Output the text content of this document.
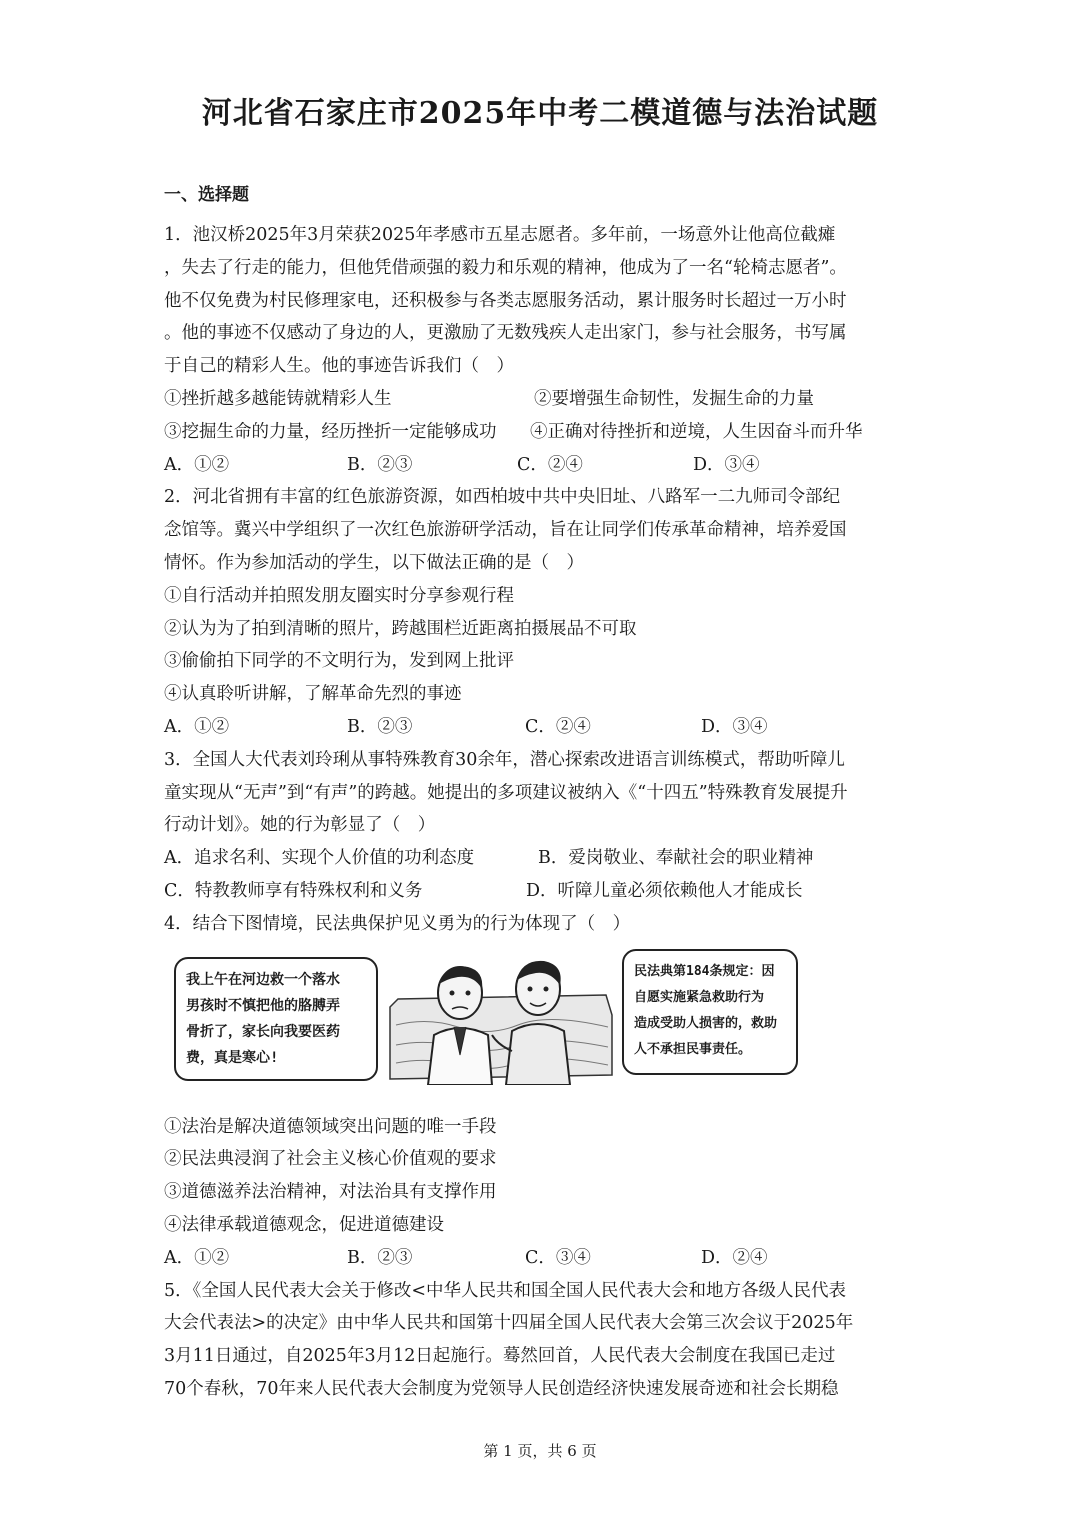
河北省石家庄市2025年中考二模道德与法治试题
一、选择题
1．池汉桥2025年3月荣获2025年孝感市五星志愿者。多年前，一场意外让他高位截瘫
，失去了行走的能力，但他凭借顽强的毅力和乐观的精神，他成为了一名“轮椅志愿者”。
他不仅免费为村民修理家电，还积极参与各类志愿服务活动，累计服务时长超过一万小时
。他的事迹不仅感动了身边的人，更激励了无数残疾人走出家门，参与社会服务，书写属
于自己的精彩人生。他的事迹告诉我们（　）
①挫折越多越能铸就精彩人生	②要增强生命韧性，发掘生命的力量
③挖掘生命的力量，经历挫折一定能够成功	④正确对待挫折和逆境，人生因奋斗而升华
A．①②	B．②③	C．②④	D．③④
2．河北省拥有丰富的红色旅游资源，如西柏坡中共中央旧址、八路军一二九师司令部纪
念馆等。冀兴中学组织了一次红色旅游研学活动，旨在让同学们传承革命精神，培养爱国
情怀。作为参加活动的学生，以下做法正确的是（　）
①自行活动并拍照发朋友圈实时分享参观行程
②认为为了拍到清晰的照片，跨越围栏近距离拍摄展品不可取
③偷偷拍下同学的不文明行为，发到网上批评
④认真聆听讲解，了解革命先烈的事迹
A．①②	B．②③	C．②④	D．③④
3．全国人大代表刘玲琍从事特殊教育30余年，潜心探索改进语言训练模式，帮助听障儿
童实现从“无声”到“有声”的跨越。她提出的多项建议被纳入《“十四五”特殊教育发展提升
行动计划》。她的行为彰显了（　）
A．追求名利、实现个人价值的功利态度	B．爱岗敬业、奉献社会的职业精神
C．特教教师享有特殊权利和义务	D．听障儿童必须依赖他人才能成长
4．结合下图情境，民法典保护见义勇为的行为体现了（　）
我上午在河边救一个落水
男孩时不慎把他的胳膊弄
骨折了，家长向我要医药
费，真是寒心!
民法典第184条规定：因
自愿实施紧急救助行为
造成受助人损害的，救助
人不承担民事责任。
①法治是解决道德领域突出问题的唯一手段
②民法典浸润了社会主义核心价值观的要求
③道德滋养法治精神，对法治具有支撑作用
④法律承载道德观念，促进道德建设
A．①②	B．②③	C．③④	D．②④
5．《全国人民代表大会关于修改<中华人民共和国全国人民代表大会和地方各级人民代表
大会代表法>的决定》由中华人民共和国第十四届全国人民代表大会第三次会议于2025年
3月11日通过，自2025年3月12日起施行。蓦然回首，人民代表大会制度在我国已走过
70个春秋，70年来人民代表大会制度为党领导人民创造经济快速发展奇迹和社会长期稳
第 1 页，共 6 页
